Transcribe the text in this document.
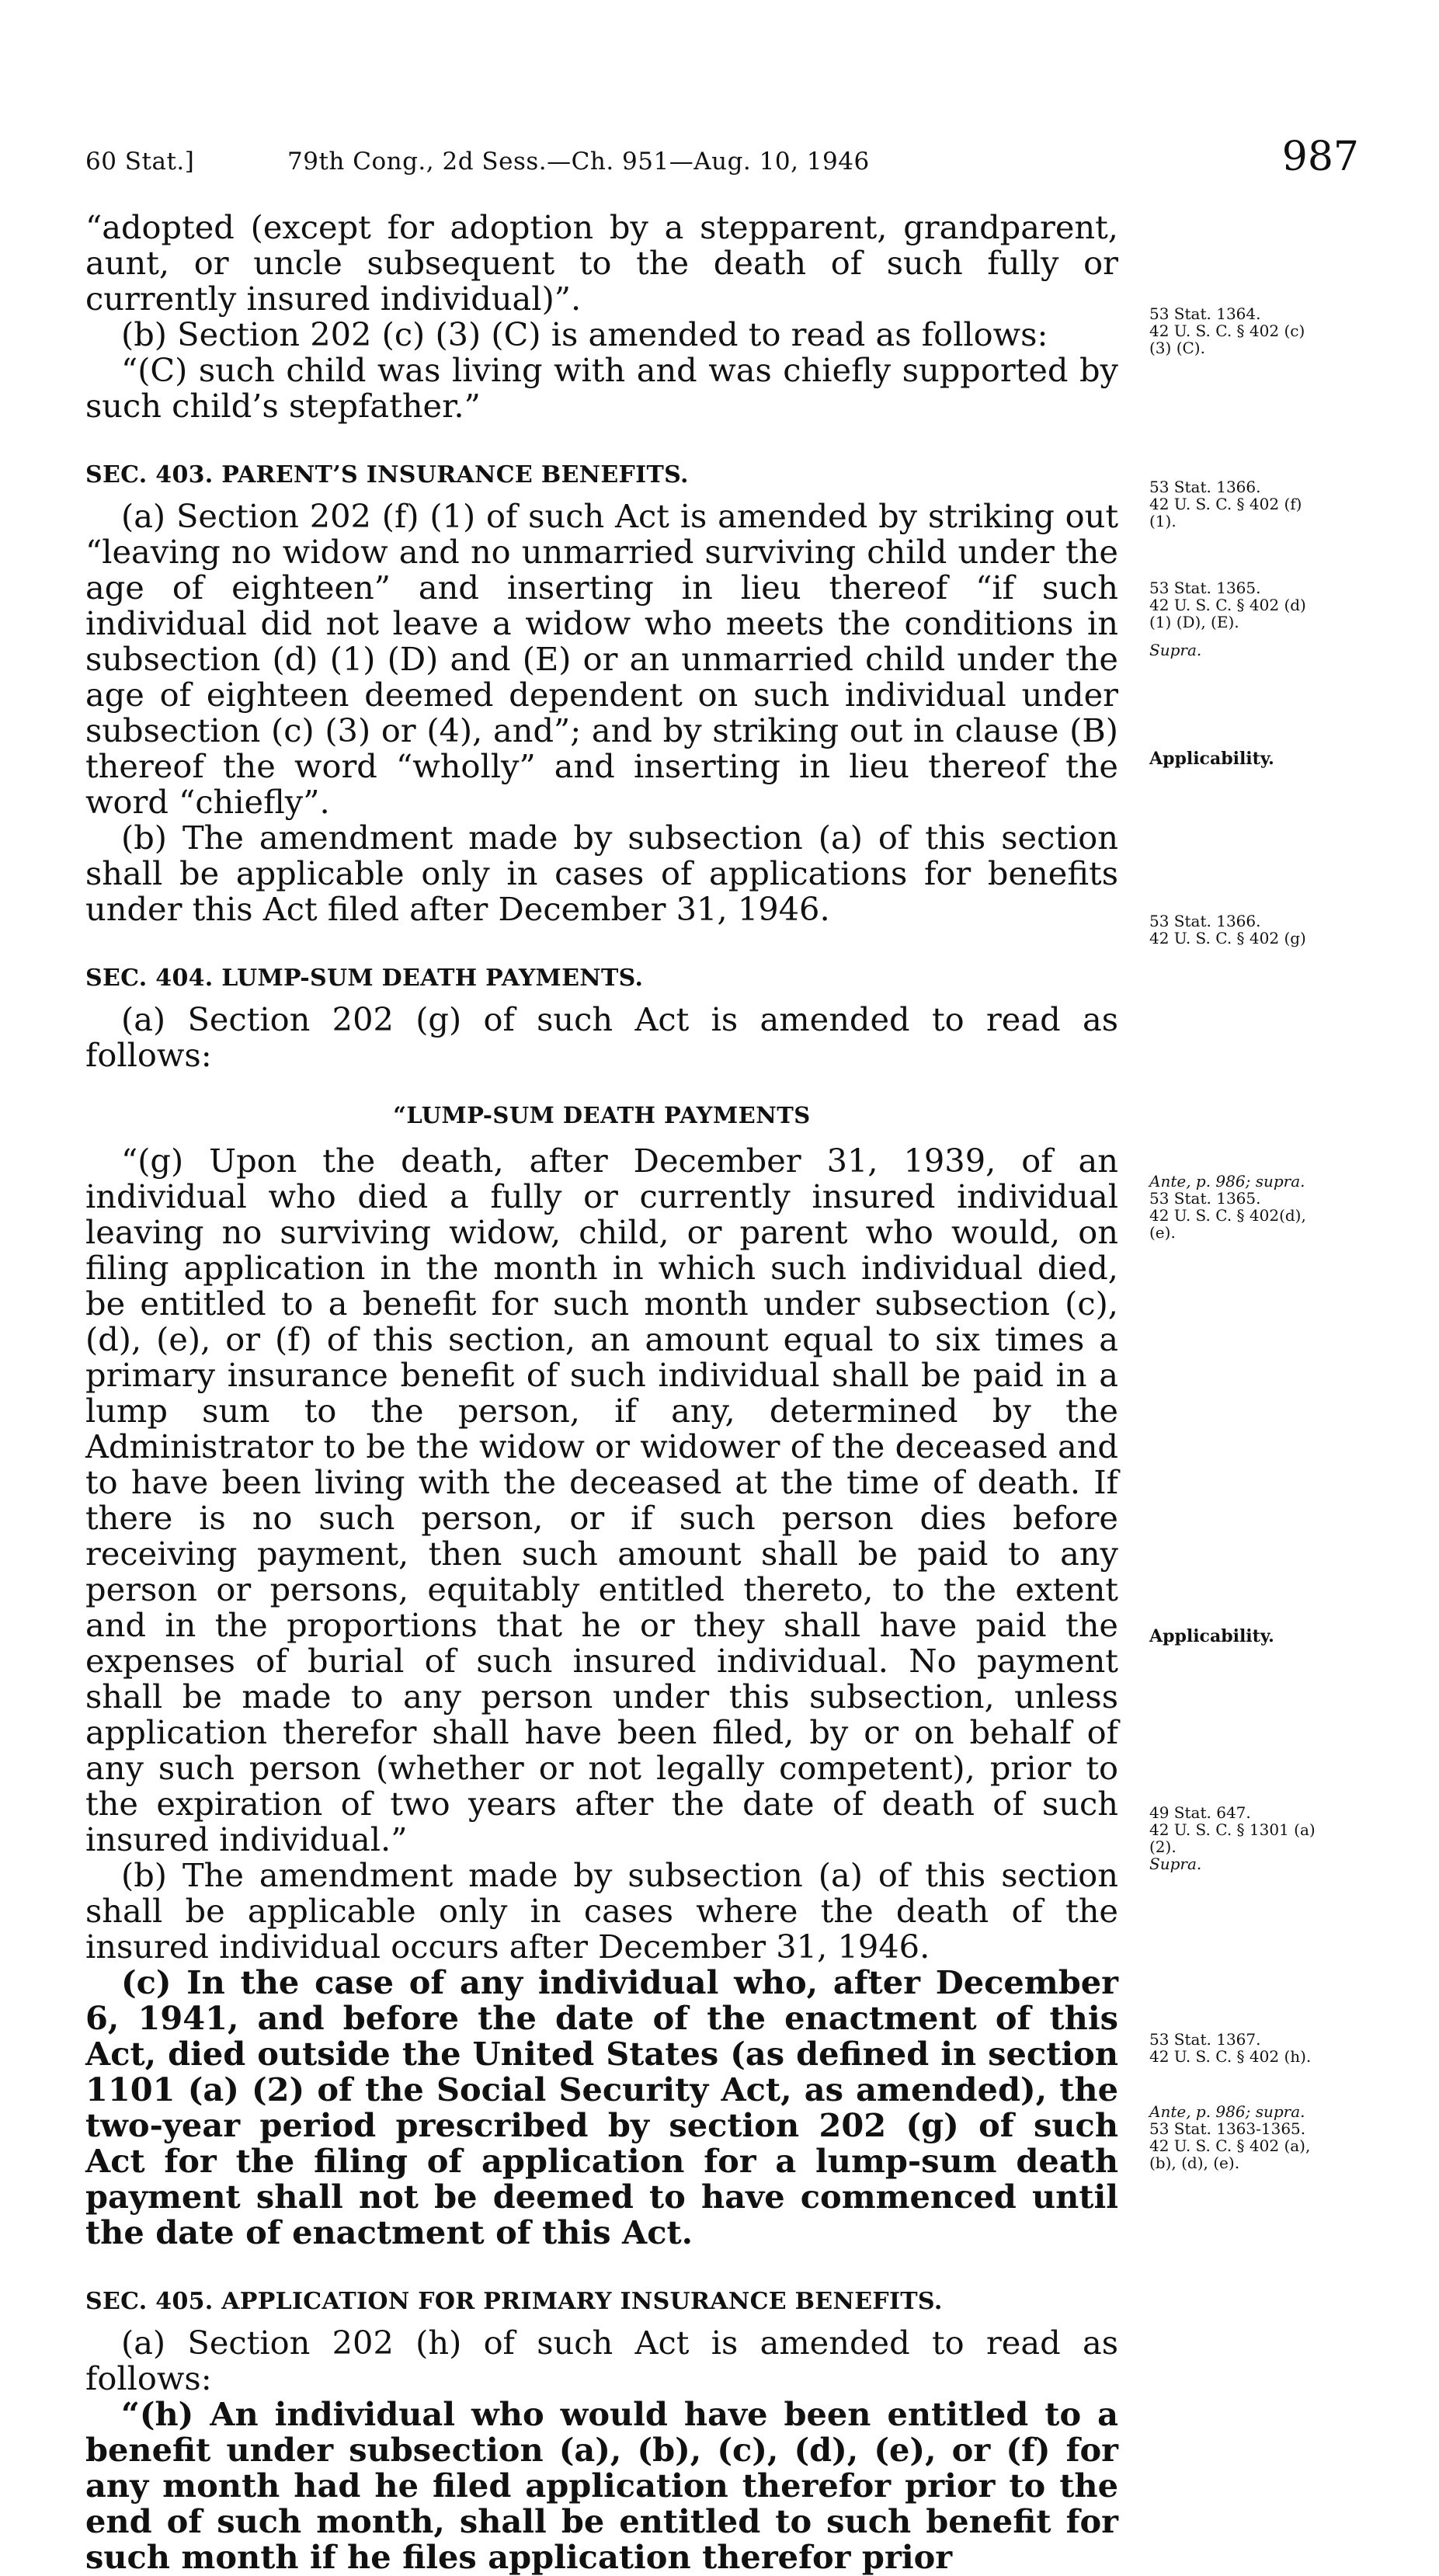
60 Stat.]	79th Cong., 2d Sess.—Ch. 951—Aug. 10, 1946	987

“adopted (except for adoption by a stepparent, grandparent, aunt, or uncle subsequent to the death of such fully or currently insured individual)”.

(b) Section 202 (c) (3) (C) is amended to read as follows:

“(C) such child was living with and was chiefly supported by such child’s stepfather.”

SEC. 403. PARENT’S INSURANCE BENEFITS.

(a) Section 202 (f) (1) of such Act is amended by striking out “leaving no widow and no unmarried surviving child under the age of eighteen” and inserting in lieu thereof “if such individual did not leave a widow who meets the conditions in subsection (d) (1) (D) and (E) or an unmarried child under the age of eighteen deemed dependent on such individual under subsection (c) (3) or (4), and”; and by striking out in clause (B) thereof the word “wholly” and inserting in lieu thereof the word “chiefly”.

(b) The amendment made by subsection (a) of this section shall be applicable only in cases of applications for benefits under this Act filed after December 31, 1946.

SEC. 404. LUMP-SUM DEATH PAYMENTS.

(a) Section 202 (g) of such Act is amended to read as follows:

“LUMP-SUM DEATH PAYMENTS

“(g) Upon the death, after December 31, 1939, of an individual who died a fully or currently insured individual leaving no surviving widow, child, or parent who would, on filing application in the month in which such individual died, be entitled to a benefit for such month under subsection (c), (d), (e), or (f) of this section, an amount equal to six times a primary insurance benefit of such individual shall be paid in a lump sum to the person, if any, determined by the Administrator to be the widow or widower of the deceased and to have been living with the deceased at the time of death. If there is no such person, or if such person dies before receiving payment, then such amount shall be paid to any person or persons, equitably entitled thereto, to the extent and in the proportions that he or they shall have paid the expenses of burial of such insured individual. No payment shall be made to any person under this subsection, unless application therefor shall have been filed, by or on behalf of any such person (whether or not legally competent), prior to the expiration of two years after the date of death of such insured individual.”

(b) The amendment made by subsection (a) of this section shall be applicable only in cases where the death of the insured individual occurs after December 31, 1946.

(c) In the case of any individual who, after December 6, 1941, and before the date of the enactment of this Act, died outside the United States (as defined in section 1101 (a) (2) of the Social Security Act, as amended), the two-year period prescribed by section 202 (g) of such Act for the filing of application for a lump-sum death payment shall not be deemed to have commenced until the date of enactment of this Act.

SEC. 405. APPLICATION FOR PRIMARY INSURANCE BENEFITS.

(a) Section 202 (h) of such Act is amended to read as follows:

“(h) An individual who would have been entitled to a benefit under subsection (a), (b), (c), (d), (e), or (f) for any month had he filed application therefor prior to the end of such month, shall be entitled to such benefit for such month if he files application therefor prior

53 Stat. 1364.
42 U. S. C. § 402 (c)
(3) (C).
53 Stat. 1366.
42 U. S. C. § 402 (f)
(1).
53 Stat. 1365.
42 U. S. C. § 402 (d)
(1) (D), (E).
Supra.
Applicability.
53 Stat. 1366.
42 U. S. C. § 402 (g)
Ante, p. 986; supra.
53 Stat. 1365.
42 U. S. C. § 402(d),
(e).
Applicability.
49 Stat. 647.
42 U. S. C. § 1301 (a)
(2).
Supra.
53 Stat. 1367.
42 U. S. C. § 402 (h).
Ante, p. 986; supra.
53 Stat. 1363-1365.
42 U. S. C. § 402 (a),
(b), (d), (e).
